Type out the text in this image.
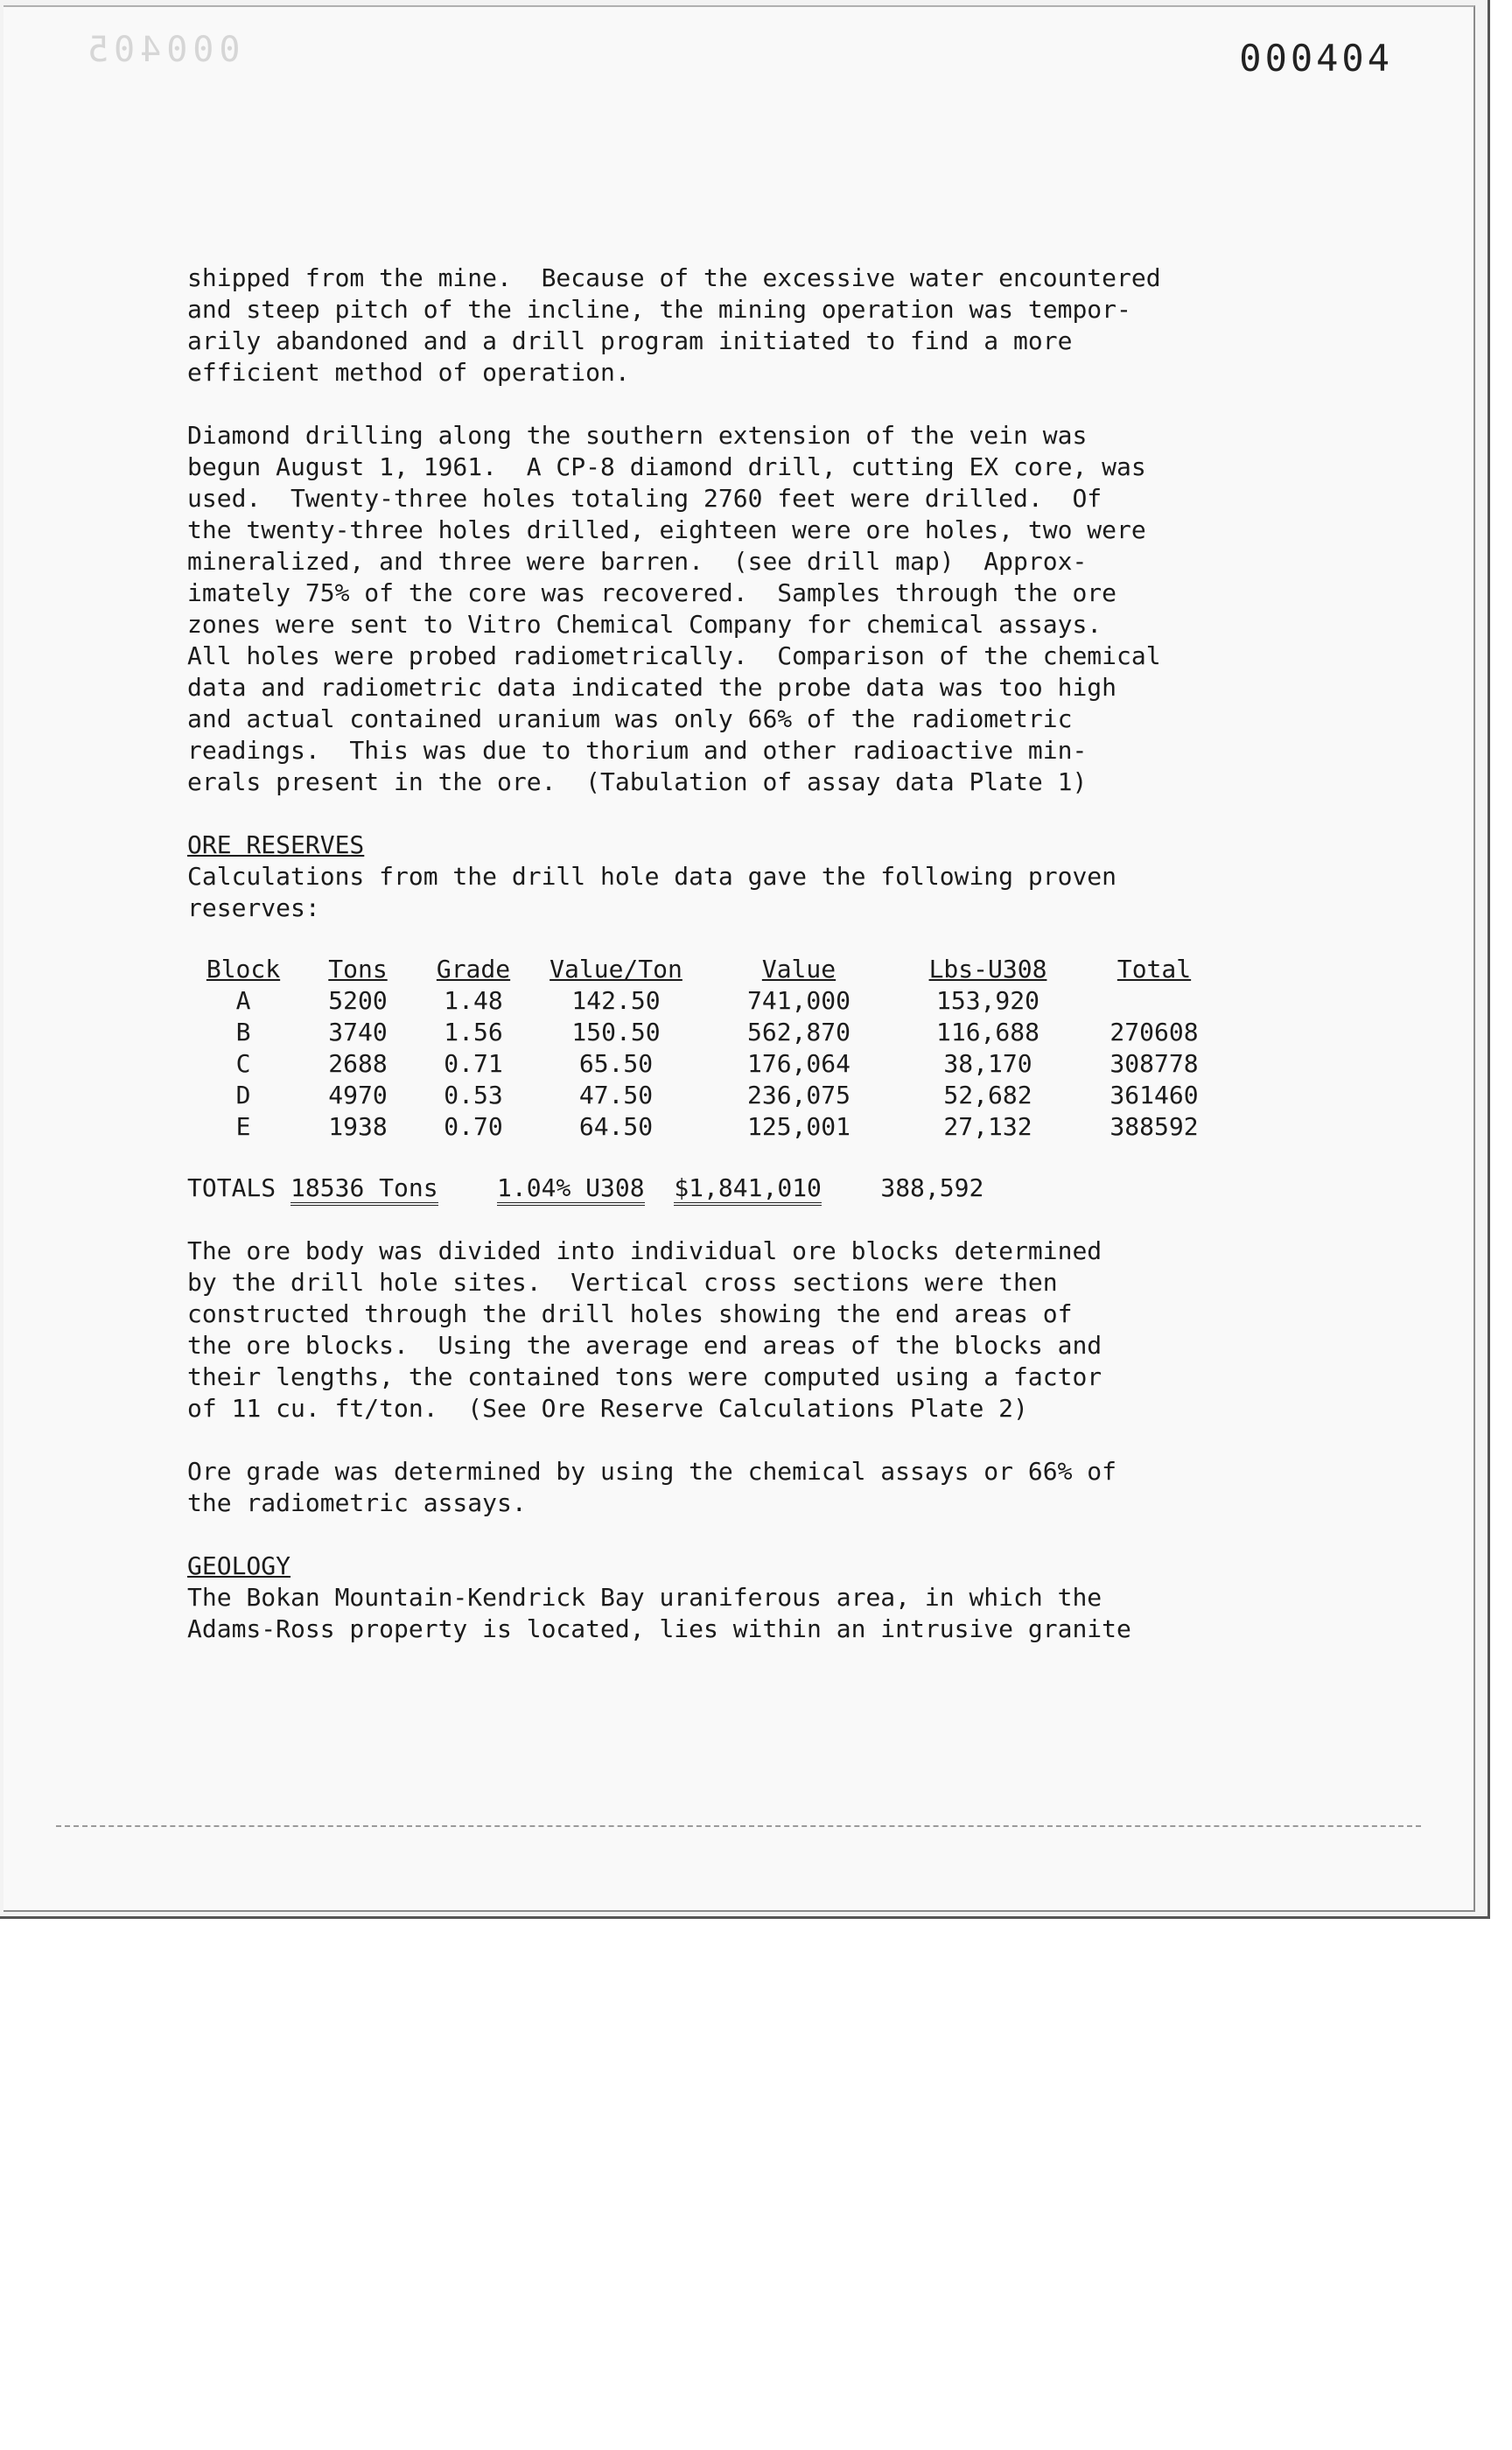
000405	000404

shipped from the mine.  Because of the excessive water encountered

and steep pitch of the incline, the mining operation was tempor-

arily abandoned and a drill program initiated to find a more

efficient method of operation.

Diamond drilling along the southern extension of the vein was

begun August 1, 1961.  A CP-8 diamond drill, cutting EX core, was

used.  Twenty-three holes totaling 2760 feet were drilled.  Of

the twenty-three holes drilled, eighteen were ore holes, two were

mineralized, and three were barren.  (see drill map)  Approx-

imately 75% of the core was recovered.  Samples through the ore

zones were sent to Vitro Chemical Company for chemical assays.

All holes were probed radiometrically.  Comparison of the chemical

data and radiometric data indicated the probe data was too high

and actual contained uranium was only 66% of the radiometric

readings.  This was due to thorium and other radioactive min-

erals present in the ore.  (Tabulation of assay data Plate 1)

ORE RESERVES

Calculations from the drill hole data gave the following proven

reserves:

Block	Tons	Grade	Value/Ton	Value	Lbs-U308	Total
A	5200	1.48	142.50	741,000	153,920	
B	3740	1.56	150.50	562,870	116,688	270608
C	2688	0.71	65.50	176,064	38,170	308778
D	4970	0.53	47.50	236,075	52,682	361460
E	1938	0.70	64.50	125,001	27,132	388592
TOTALS 18536 Tons 1.04% U308 $1,841,010 388,592

The ore body was divided into individual ore blocks determined

by the drill hole sites.  Vertical cross sections were then

constructed through the drill holes showing the end areas of

the ore blocks.  Using the average end areas of the blocks and

their lengths, the contained tons were computed using a factor

of 11 cu. ft/ton.  (See Ore Reserve Calculations Plate 2)

Ore grade was determined by using the chemical assays or 66% of

the radiometric assays.

GEOLOGY

The Bokan Mountain-Kendrick Bay uraniferous area, in which the

Adams-Ross property is located, lies within an intrusive granite
